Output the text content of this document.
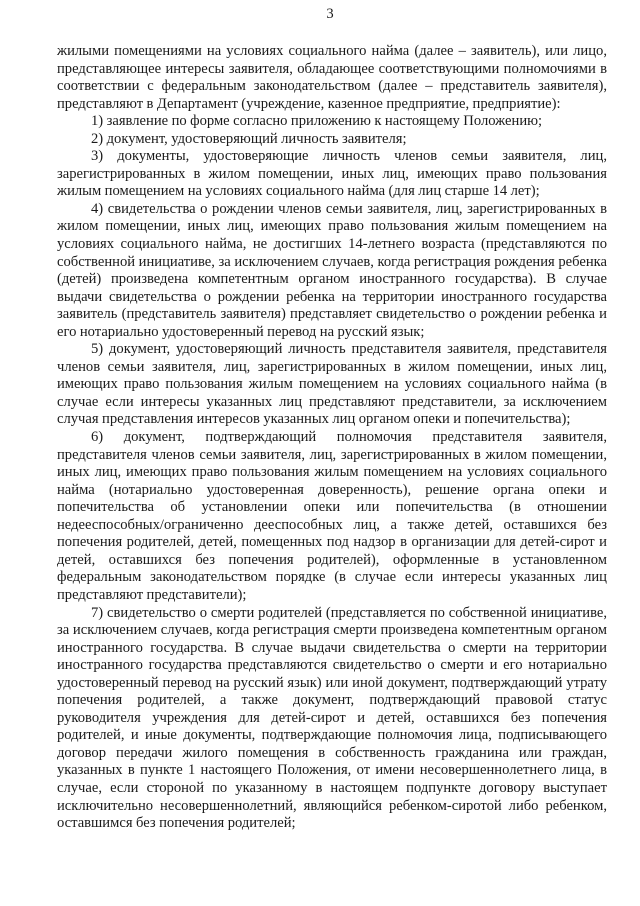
3

жилыми помещениями на условиях социального найма (далее – заявитель), или лицо, представляющее интересы заявителя, обладающее соответствующими полномочиями в соответствии с федеральным законодательством (далее – представитель заявителя), представляют в Департамент (учреждение, казенное предприятие, предприятие):

1) заявление по форме согласно приложению к настоящему Положению;

2) документ, удостоверяющий личность заявителя;

3) документы, удостоверяющие личность членов семьи заявителя, лиц, зарегистрированных в жилом помещении, иных лиц, имеющих право пользования жилым помещением на условиях социального найма (для лиц старше 14 лет);

4) свидетельства о рождении членов семьи заявителя, лиц, зарегистрированных в жилом помещении, иных лиц, имеющих право пользования жилым помещением на условиях социального найма, не достигших 14-летнего возраста (представляются по собственной инициативе, за исключением случаев, когда регистрация рождения ребенка (детей) произведена компетентным органом иностранного государства). В случае выдачи свидетельства о рождении ребенка на территории иностранного государства заявитель (представитель заявителя) представляет свидетельство о рождении ребенка и его нотариально удостоверенный перевод на русский язык;

5) документ, удостоверяющий личность представителя заявителя, представителя членов семьи заявителя, лиц, зарегистрированных в жилом помещении, иных лиц, имеющих право пользования жилым помещением на условиях социального найма (в случае если интересы указанных лиц представляют представители, за исключением случая представления интересов указанных лиц органом опеки и попечительства);

6) документ, подтверждающий полномочия представителя заявителя, представителя членов семьи заявителя, лиц, зарегистрированных в жилом помещении, иных лиц, имеющих право пользования жилым помещением на условиях социального найма (нотариально удостоверенная доверенность), решение органа опеки и попечительства об установлении опеки или попечительства (в отношении недееспособных/ограниченно дееспособных лиц, а также детей, оставшихся без попечения родителей, детей, помещенных под надзор в организации для детей-сирот и детей, оставшихся без попечения родителей), оформленные в установленном федеральным законодательством порядке (в случае если интересы указанных лиц представляют представители);

7) свидетельство о смерти родителей (представляется по собственной инициативе, за исключением случаев, когда регистрация смерти произведена компетентным органом иностранного государства. В случае выдачи свидетельства о смерти на территории иностранного государства представляются свидетельство о смерти и его нотариально удостоверенный перевод на русский язык) или иной документ, подтверждающий утрату попечения родителей, а также документ, подтверждающий правовой статус руководителя учреждения для детей-сирот и детей, оставшихся без попечения родителей, и иные документы, подтверждающие полномочия лица, подписывающего договор передачи жилого помещения в собственность гражданина или граждан, указанных в пункте 1 настоящего Положения, от имени несовершеннолетнего лица, в случае, если стороной по указанному в настоящем подпункте договору выступает исключительно несовершеннолетний, являющийся ребенком-сиротой либо ребенком, оставшимся без попечения родителей;
